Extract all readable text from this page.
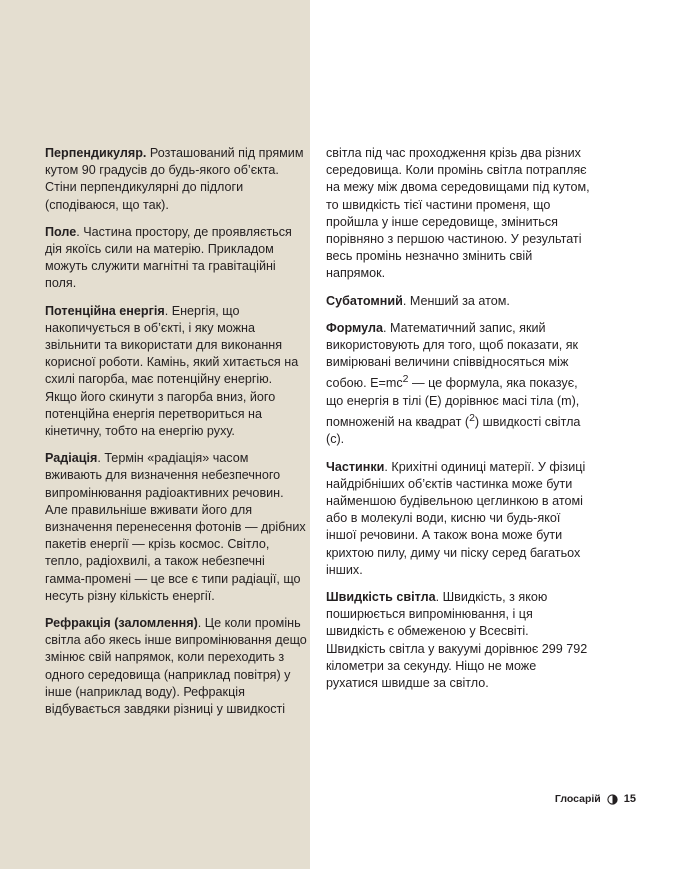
Перпендикуляр. Розташований під прямим кутом 90 градусів до будь-якого об’єкта. Стіни перпендикулярні до підлоги (сподіваюся, що так).

Поле. Частина простору, де проявляється дія якоїсь сили на матерію. Прикладом можуть служити магнітні та гравітаційні поля.

Потенційна енергія. Енергія, що накопичується в об’єкті, і яку можна звільнити та використати для виконання корисної роботи. Камінь, який хитається на схилі пагорба, має потенційну енергію. Якщо його скинути з пагорба вниз, його потенційна енергія перетвориться на кінетичну, тобто на енергію руху.

Радіація. Термін «радіація» часом вживають для визначення небезпечного випромінювання радіоактивних речовин. Але правильніше вживати його для визначення перенесення фотонів — дрібних пакетів енергії — крізь космос. Світло, тепло, радіохвилі, а також небезпечні гамма-промені — це все є типи радіації, що несуть різну кількість енергії.

Рефракція (заломлення). Це коли промінь світла або якесь інше випромінювання дещо змінює свій напрямок, коли переходить з одного середовища (наприклад повітря) у інше (наприклад воду). Рефракція відбувається завдяки різниці у швидкості

світла під час проходження крізь два різних середовища. Коли промінь світла потрапляє на межу між двома середовищами під кутом, то швидкість тієї частини променя, що пройшла у інше середовище, зміниться порівняно з першою частиною. У результаті весь промінь незначно змінить свій напрямок.

Субатомний. Менший за атом.

Формула. Математичний запис, який використовують для того, щоб показати, як вимірювані величини співвідносяться між собою. $E=mc^2$ — це формула, яка показує, що енергія в тілі (E) дорівнює масі тіла (m), помноженій на квадрат ($^2$) швидкості світла (c).

Частинки. Крихітні одиниці матерії. У фізиці найдрібніших об’єктів частинка може бути найменшою будівельною цеглинкою в атомі або в молекулі води, кисню чи будь-якої іншої речовини. А також вона може бути крихтою пилу, диму чи піску серед багатьох інших.

Швидкість світла. Швидкість, з якою поширюється випромінювання, і ця швидкість є обмеженою у Всесвіті. Швидкість світла у вакуумі дорівнює 299 792 кілометри за секунду. Ніщо не може рухатися швидше за світло.

Глосарій 15
